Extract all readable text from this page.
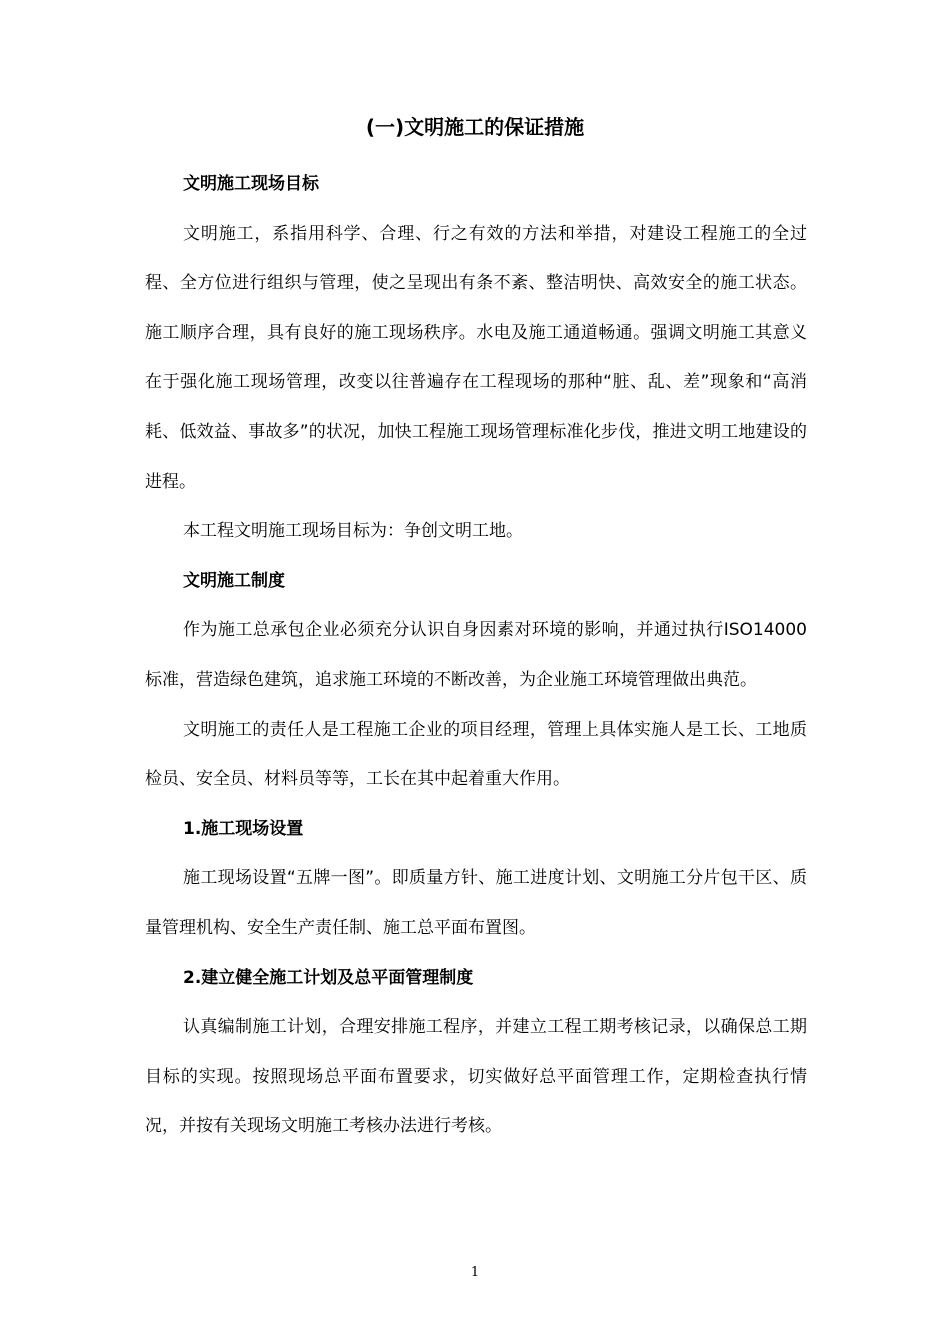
(一)文明施工的保证措施
文明施工现场目标

文明施工，系指用科学、合理、行之有效的方法和举措，对建设工程施工的全过程、全方位进行组织与管理，使之呈现出有条不紊、整洁明快、高效安全的施工状态。施工顺序合理，具有良好的施工现场秩序。水电及施工通道畅通。强调文明施工其意义在于强化施工现场管理，改变以往普遍存在工程现场的那种“脏、乱、差”现象和“高消耗、低效益、事故多”的状况，加快工程施工现场管理标准化步伐，推进文明工地建设的进程。

本工程文明施工现场目标为：争创文明工地。

文明施工制度

作为施工总承包企业必须充分认识自身因素对环境的影响，并通过执行ISO14000标准，营造绿色建筑，追求施工环境的不断改善，为企业施工环境管理做出典范。

文明施工的责任人是工程施工企业的项目经理，管理上具体实施人是工长、工地质检员、安全员、材料员等等，工长在其中起着重大作用。

1.施工现场设置

施工现场设置“五牌一图”。即质量方针、施工进度计划、文明施工分片包干区、质量管理机构、安全生产责任制、施工总平面布置图。

2.建立健全施工计划及总平面管理制度

认真编制施工计划，合理安排施工程序，并建立工程工期考核记录，以确保总工期目标的实现。按照现场总平面布置要求，切实做好总平面管理工作，定期检查执行情况，并按有关现场文明施工考核办法进行考核。

1
